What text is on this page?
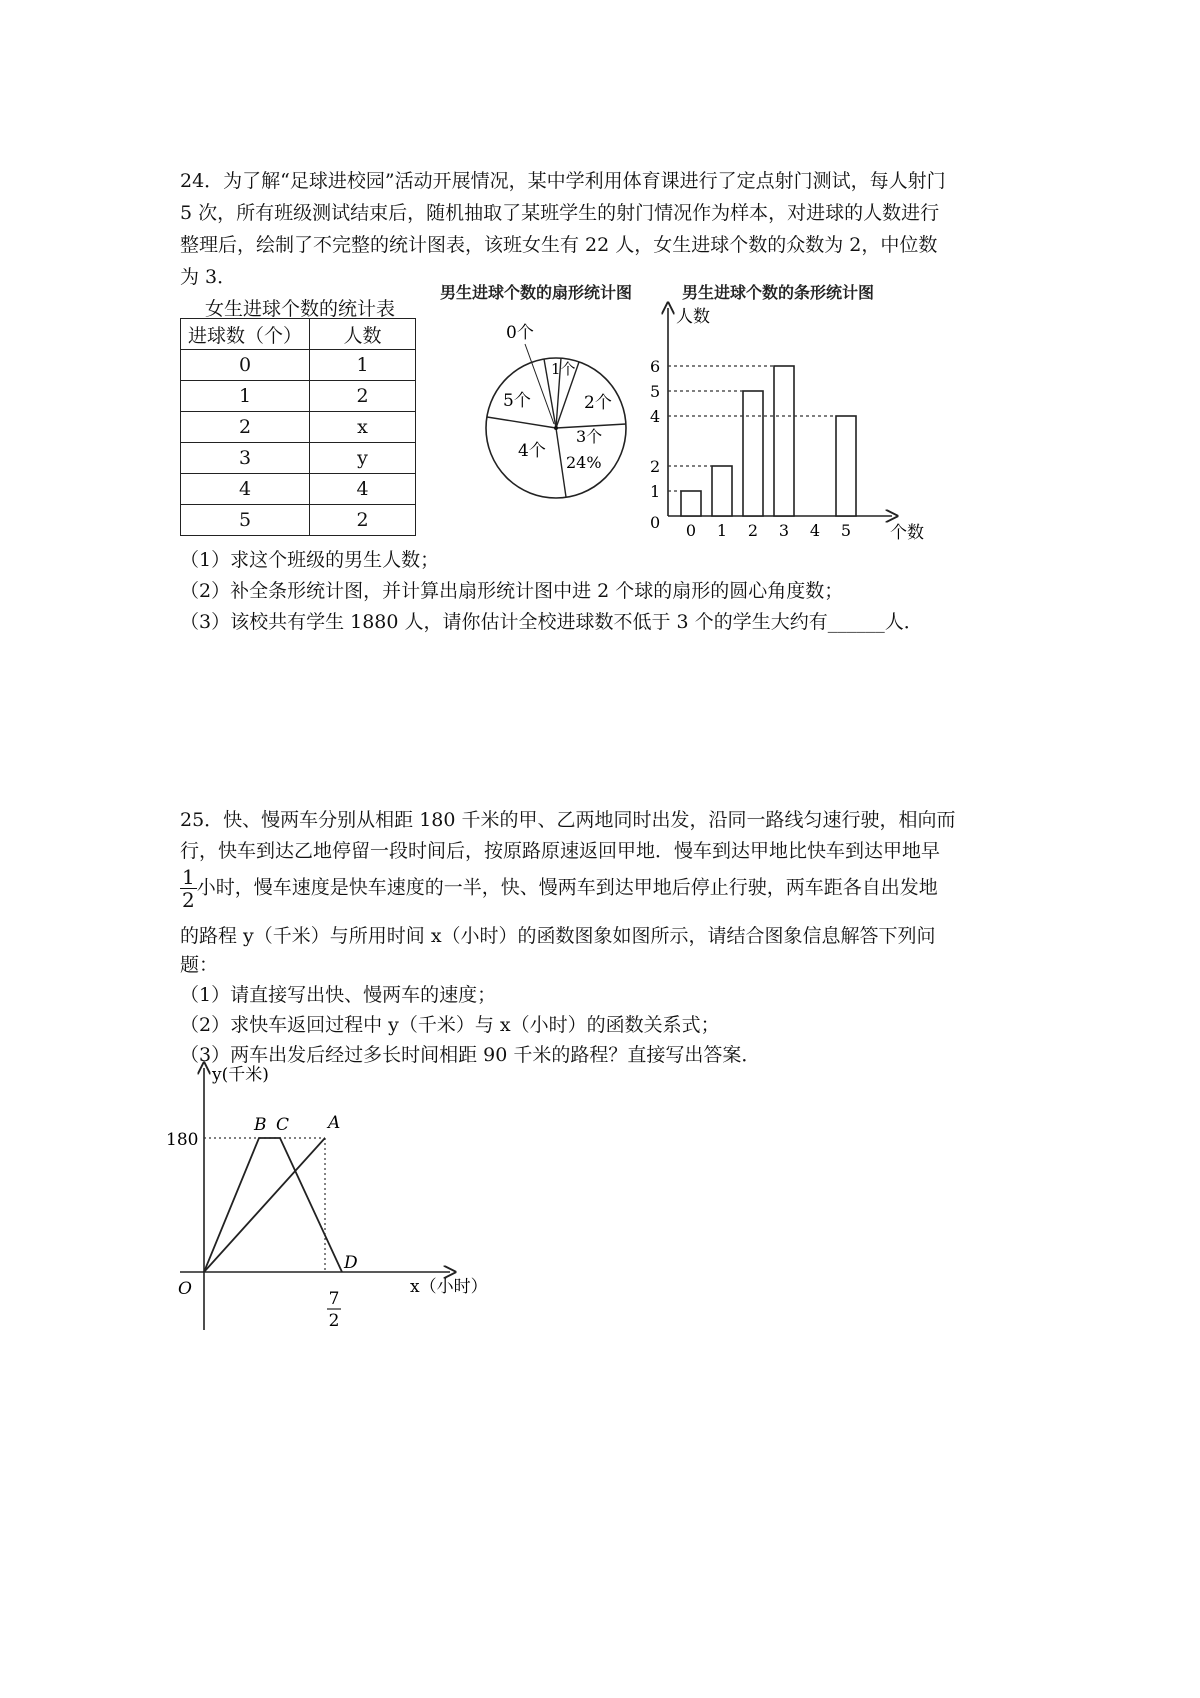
24．为了解“足球进校园”活动开展情况，某中学利用体育课进行了定点射门测试，每人射门
5 次，所有班级测试结束后，随机抽取了某班学生的射门情况作为样本，对进球的人数进行
整理后，绘制了不完整的统计图表，该班女生有 22 人，女生进球个数的众数为 2，中位数
为 3．
女生进球个数的统计表
进球数（个）	人数
0	1
1	2
2	x
3	y
4	4
5	2
男生进球个数的扇形统计图
0个
1个
2个
3个
24%
4个
5个
男生进球个数的条形统计图
人数
个数
0
1
2
4
5
6
0 1 2 3 4 5
（1）求这个班级的男生人数；
（2）补全条形统计图，并计算出扇形统计图中进 2 个球的扇形的圆心角度数；
（3）该校共有学生 1880 人，请你估计全校进球数不低于 3 个的学生大约有______人．
25．快、慢两车分别从相距 180 千米的甲、乙两地同时出发，沿同一路线匀速行驶，相向而
行，快车到达乙地停留一段时间后，按原路原速返回甲地．慢车到达甲地比快车到达甲地早
$\frac{1}{2}$ 小时，慢车速度是快车速度的一半，快、慢两车到达甲地后停止行驶，两车距各自出发地
的路程 y（千米）与所用时间 x（小时）的函数图象如图所示，请结合图象信息解答下列问
题：
（1）请直接写出快、慢两车的速度；
（2）求快车返回过程中 y（千米）与 x（小时）的函数关系式；
（3）两车出发后经过多长时间相距 90 千米的路程？直接写出答案．
y(千米)
x（小时）
180
O
B C A
D
7
2
